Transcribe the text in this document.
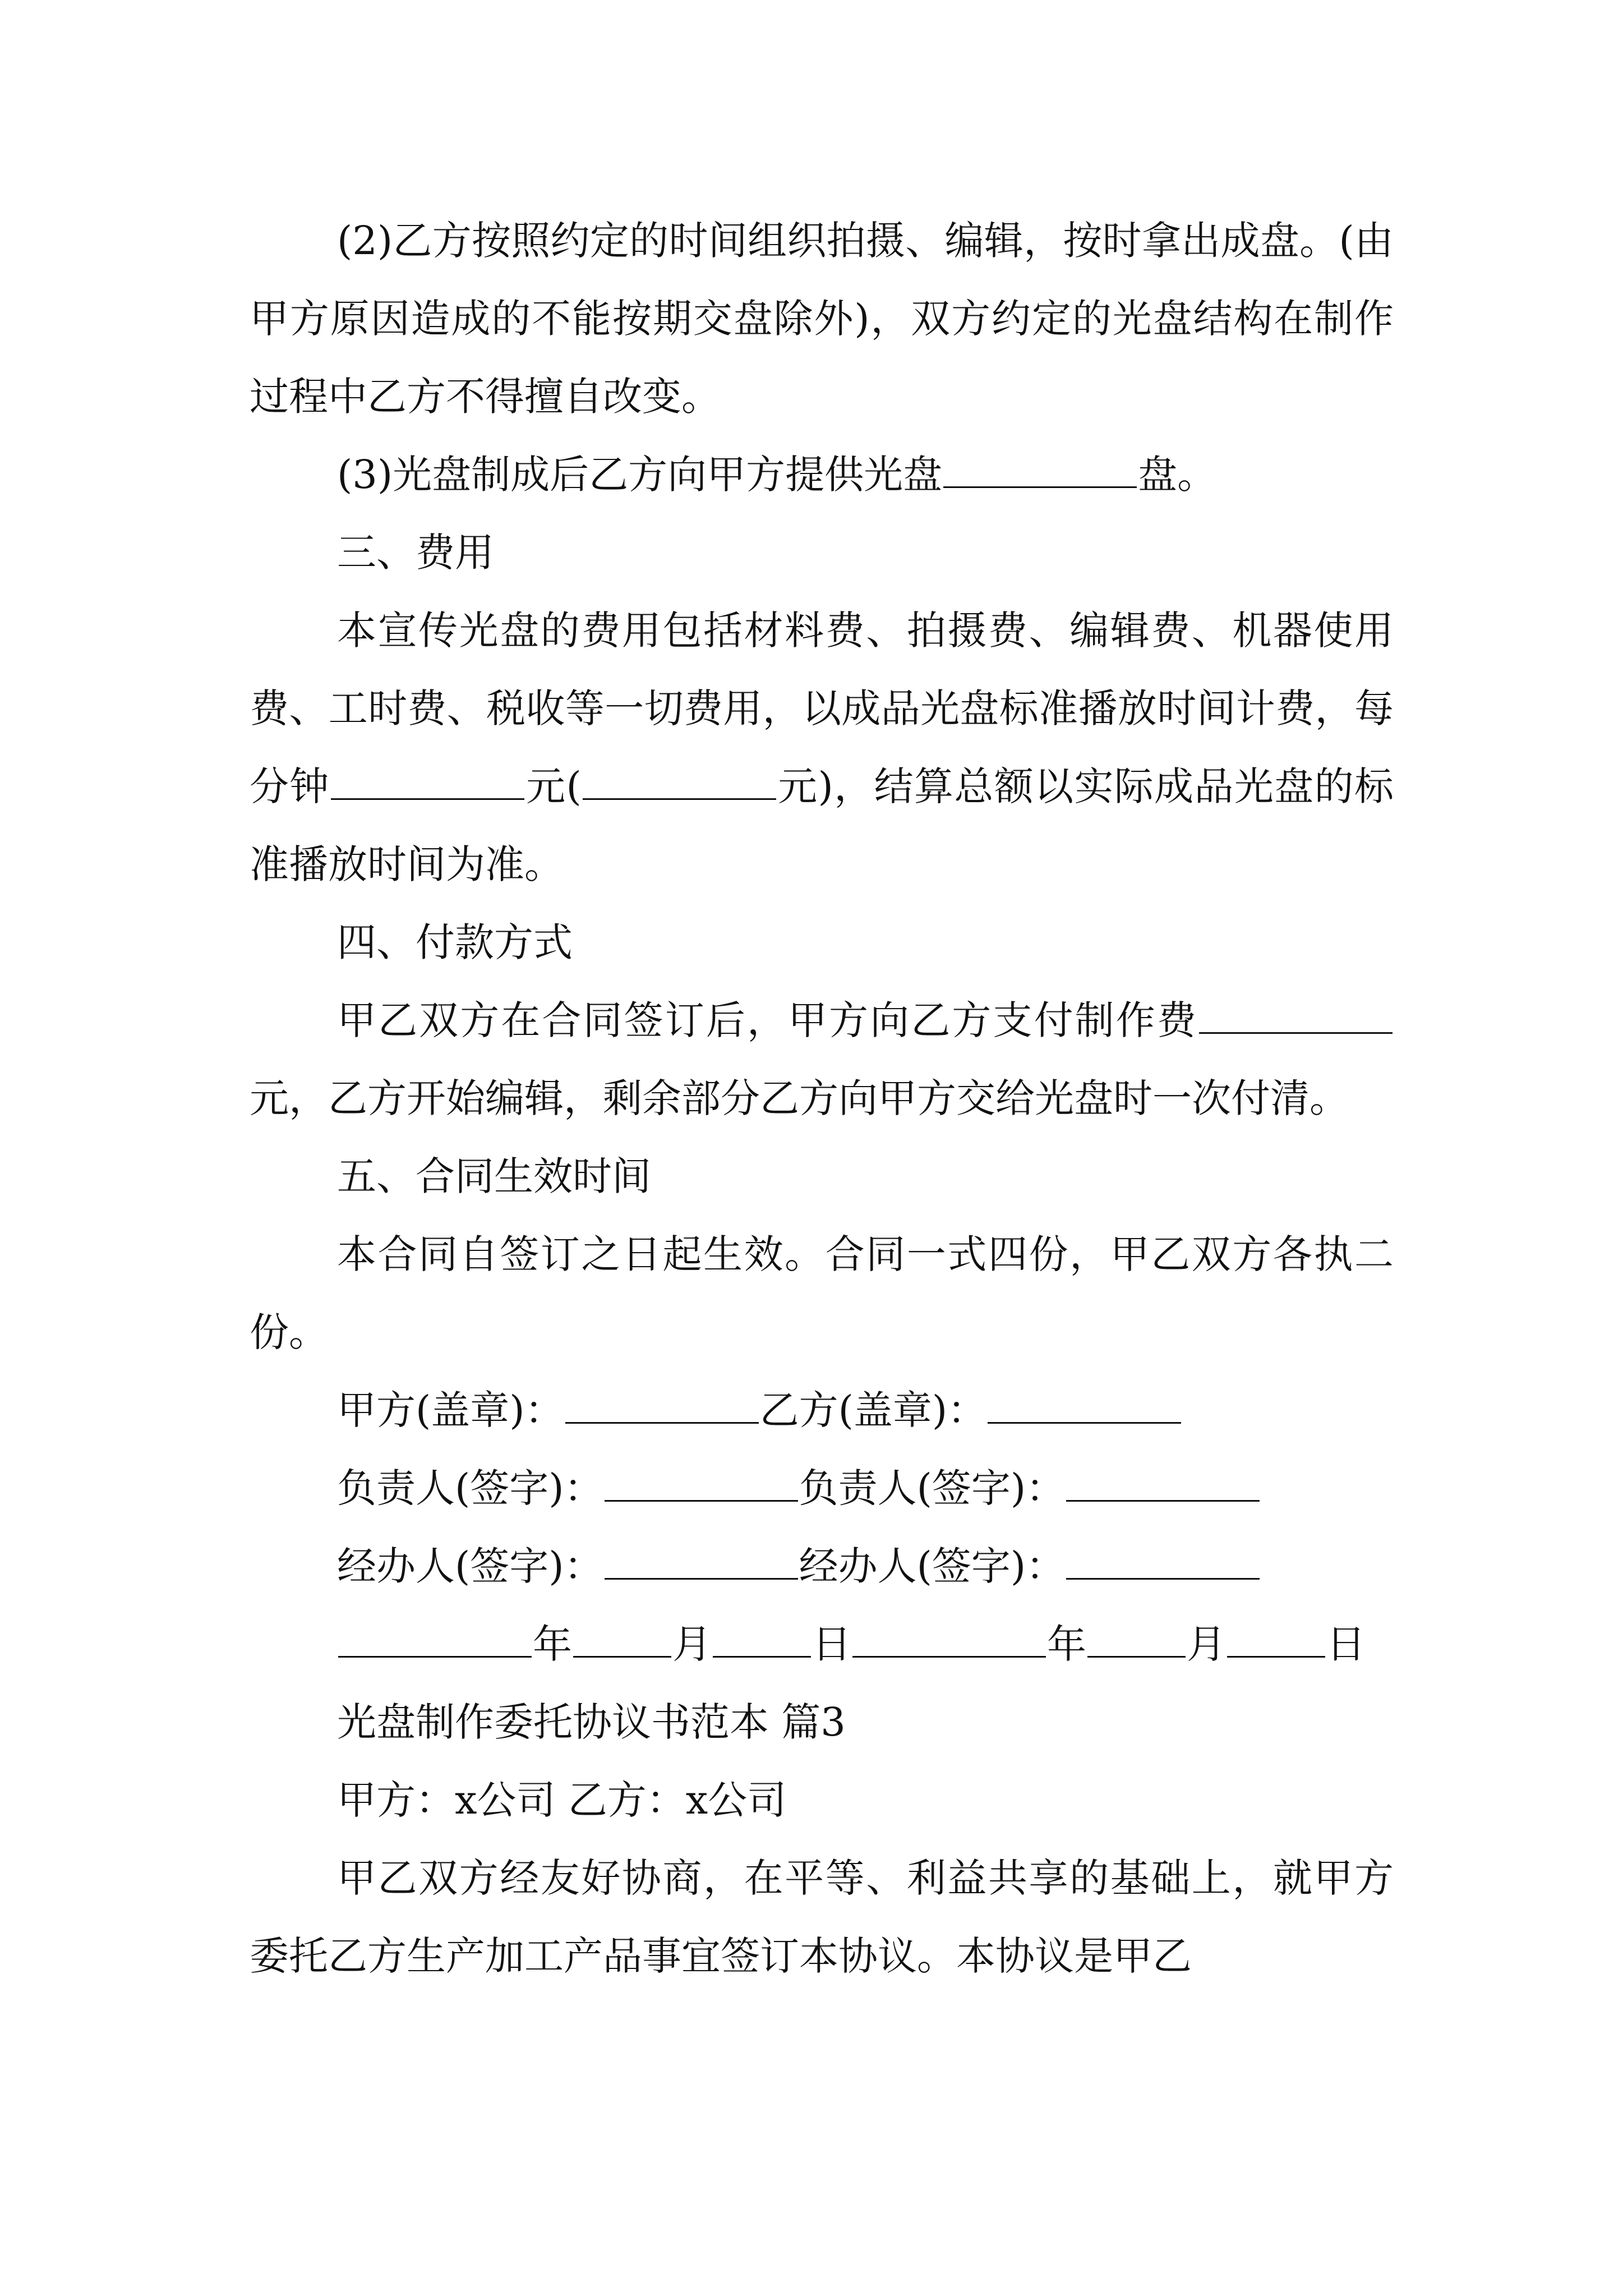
(2)乙方按照约定的时间组织拍摄、编辑，按时拿出成盘。(由甲方原因造成的不能按期交盘除外)，双方约定的光盘结构在制作过程中乙方不得擅自改变。

(3)光盘制成后乙方向甲方提供光盘	盘。

三、费用

本宣传光盘的费用包括材料费、拍摄费、编辑费、机器使用费、工时费、税收等一切费用，以成品光盘标准播放时间计费，每分钟	元(	元)，结算总额以实际成品光盘的标准播放时间为准。

四、付款方式

甲乙双方在合同签订后，甲方向乙方支付制作费元，乙方开始编辑，剩余部分乙方向甲方交给光盘时一次付清。

五、合同生效时间

本合同自签订之日起生效。合同一式四份，甲乙双方各执二份。

甲方(盖章)：	乙方(盖章)：

负责人(签字)：	负责人(签字)：

经办人(签字)：	经办人(签字)：

年	月	日	年	月	日

光盘制作委托协议书范本 篇3

甲方：x公司 乙方：x公司

甲乙双方经友好协商，在平等、利益共享的基础上，就甲方委托乙方生产加工产品事宜签订本协议。本协议是甲乙
